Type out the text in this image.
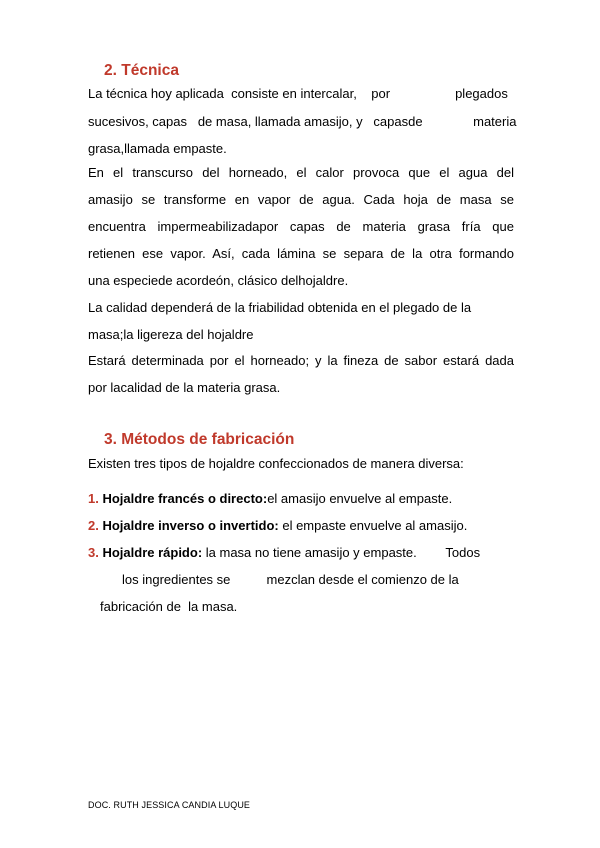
2. Técnica
La técnica hoy aplicada  consiste en intercalar,    por                  plegados
sucesivos, capas   de masa, llamada amasijo, y   capasde              materia
grasa,llamada empaste.
En el transcurso del horneado, el calor provoca que el agua del
amasijo se transforme en vapor de agua. Cada hoja de masa se
encuentra impermeabilizadapor capas de materia grasa fría que
retienen ese vapor. Así, cada lámina se separa de la otra formando
una especiede acordeón, clásico delhojaldre.
La calidad dependerá de la friabilidad obtenida en el plegado de la
masa;la ligereza del hojaldre
Estará determinada por el horneado; y la fineza de sabor estará dada
por lacalidad de la materia grasa.
3. Métodos de fabricación
Existen tres tipos de hojaldre confeccionados de manera diversa:
1. Hojaldre francés o directo:el amasijo envuelve al empaste.
2. Hojaldre inverso o invertido: el empaste envuelve al amasijo.
3. Hojaldre rápido: la masa no tiene amasijo y empaste.        Todos
los ingredientes se          mezclan desde el comienzo de la
fabricación de  la masa.
DOC. RUTH JESSICA CANDIA LUQUE
